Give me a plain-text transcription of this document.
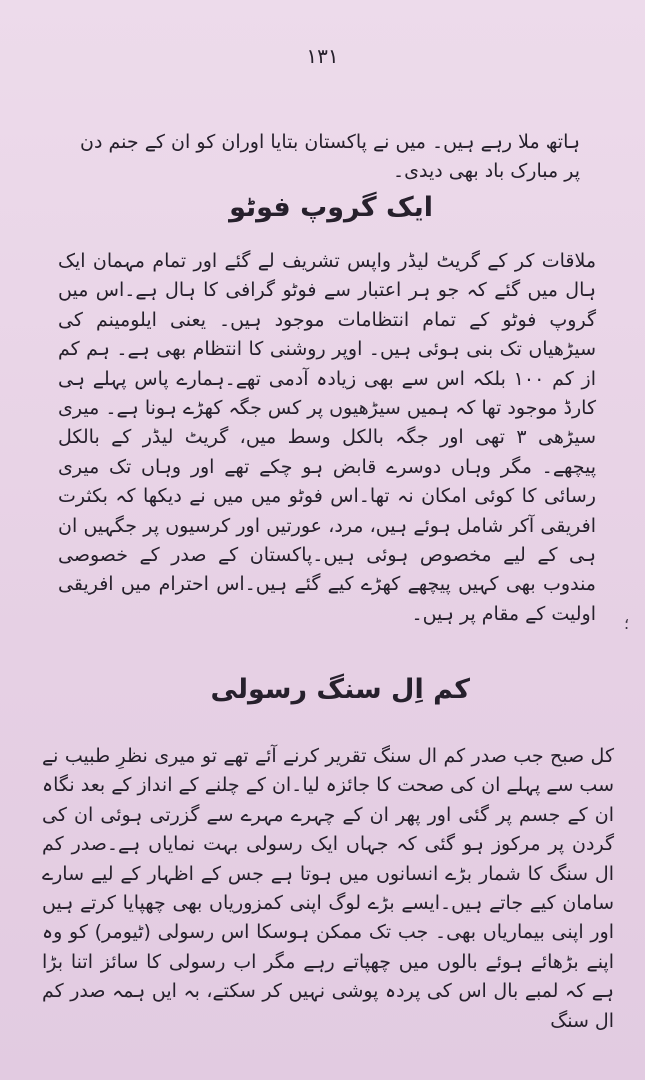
۱۳۱

ہاتھ ملا رہے ہیں۔ میں نے پاکستان بتایا اوران کو ان کے جنم دن پر مبارک باد بھی دیدی۔

ایک گروپ فوٹو

ملاقات کر کے گریٹ لیڈر واپس تشریف لے گئے اور تمام مہمان ایک ہال میں گئے کہ جو ہر اعتبار سے فوٹو گرافی کا ہال ہے۔اس میں گروپ فوٹو کے تمام انتظامات موجود ہیں۔ یعنی ایلومینم کی سیڑھیاں تک بنی ہوئی ہیں۔ اوپر روشنی کا انتظام بھی ہے۔ ہم کم از کم ۱۰۰ بلکہ اس سے بھی زیادہ آدمی تھے۔ہمارے پاس پہلے ہی کارڈ موجود تھا کہ ہمیں سیڑھیوں پر کس جگہ کھڑے ہونا ہے۔ میری سیڑھی ۳ تھی اور جگہ بالکل وسط میں، گریٹ لیڈر کے بالکل پیچھے۔ مگر وہاں دوسرے قابض ہو چکے تھے اور وہاں تک میری رسائی کا کوئی امکان نہ تھا۔اس فوٹو میں میں نے دیکھا کہ بکثرت افریقی آکر شامل ہوئے ہیں، مرد، عورتیں اور کرسیوں پر جگہیں ان ہی کے لیے مخصوص ہوئی ہیں۔پاکستان کے صدر کے خصوصی مندوب بھی کہیں پیچھے کھڑے کیے گئے ہیں۔اس احترام میں افریقی اولیت کے مقام پر ہیں۔ ؛
کم اِل سنگ رسولی

کل صبح جب صدر کم ال سنگ تقریر کرنے آئے تھے تو میری نظرِ طبیب نے سب سے پہلے ان کی صحت کا جائزہ لیا۔ان کے چلنے کے انداز کے بعد نگاہ ان کے جسم پر گئی اور پھر ان کے چہرے مہرے سے گزرتی ہوئی ان کی گردن پر مرکوز ہو گئی کہ جہاں ایک رسولی بہت نمایاں ہے۔صدر کم ال سنگ کا شمار بڑے انسانوں میں ہوتا ہے جس کے اظہار کے لیے سارے سامان کیے جاتے ہیں۔ایسے بڑے لوگ اپنی کمزوریاں بھی چھپایا کرتے ہیں اور اپنی بیماریاں بھی۔ جب تک ممکن ہوسکا اس رسولی (ٹیومر) کو وہ اپنے بڑھائے ہوئے بالوں میں چھپاتے رہے مگر اب رسولی کا سائز اتنا بڑا ہے کہ لمبے بال اس کی پردہ پوشی نہیں کر سکتے، بہ ایں ہمہ صدر کم ال سنگ
